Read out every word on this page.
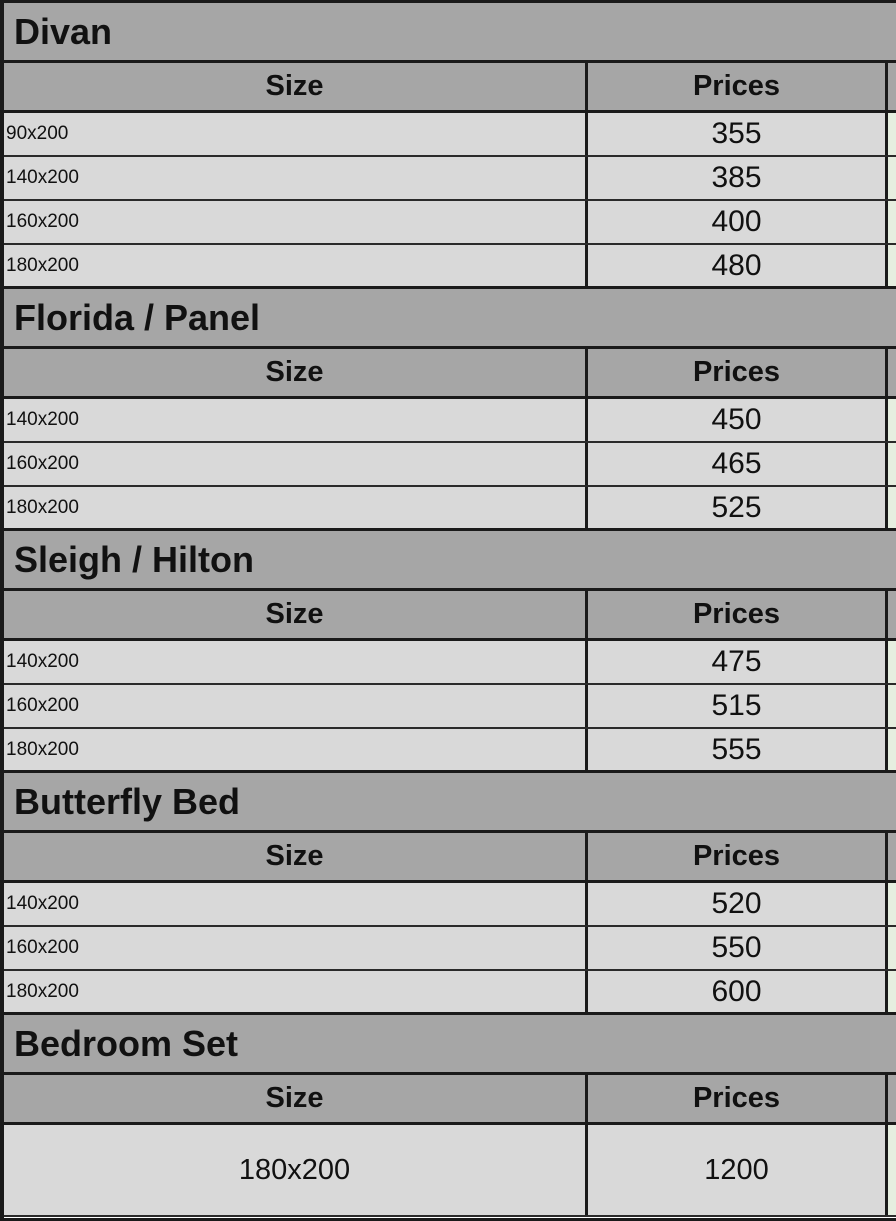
Divan
Size	Prices
90x200	355
140x200	385
160x200	400
180x200	480
Florida / Panel
Size	Prices
140x200	450
160x200	465
180x200	525
Sleigh / Hilton
Size	Prices
140x200	475
160x200	515
180x200	555
Butterfly Bed
Size	Prices
140x200	520
160x200	550
180x200	600
Bedroom Set
Size	Prices
180x200	1200
